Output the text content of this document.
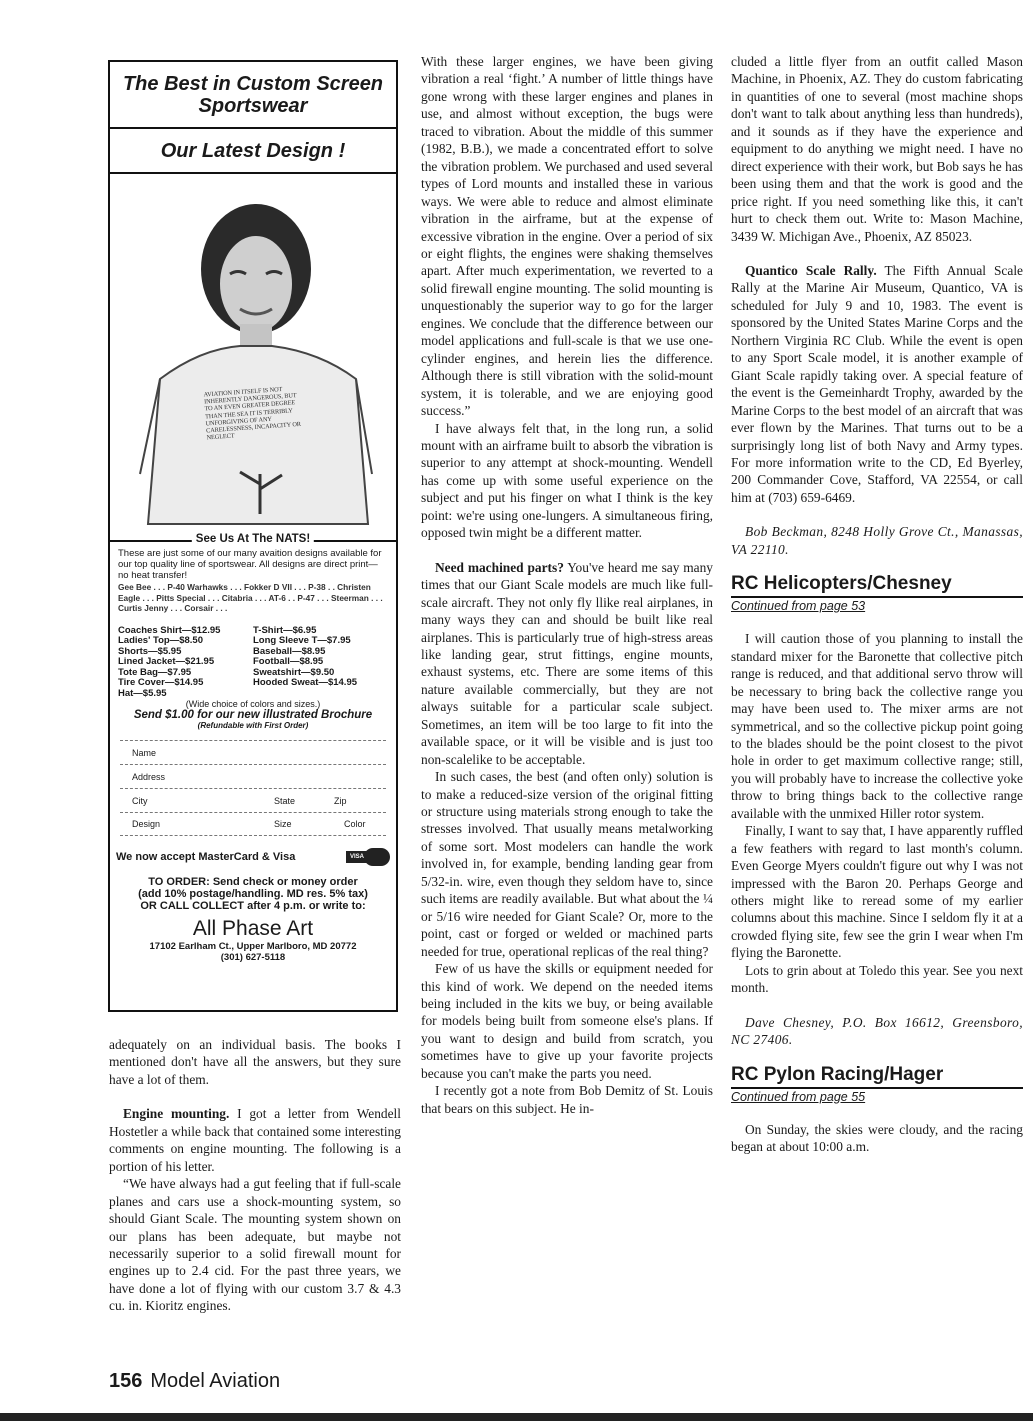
The Best in Custom Screen Sportswear
Our Latest Design !
AVIATION IN ITSELF IS NOT INHERENTLY DANGEROUS, BUT TO AN EVEN GREATER DEGREE THAN THE SEA IT IS TERRIBLY UNFORGIVING OF ANY CARELESSNESS, INCAPACITY OR NEGLECT
See Us At The NATS!
These are just some of our many avaition designs available for our top quality line of sportswear. All designs are direct print—no heat transfer!
Gee Bee . . . P-40 Warhawks . . . Fokker D VII . . . P-38 . . Christen Eagle . . . Pitts Special . . . Citabria . . . AT-6 . . P-47 . . . Steerman . . . Curtis Jenny . . . Corsair . . .
Coaches Shirt—$12.95	T-Shirt—$6.95
Ladies' Top—$8.50	Long Sleeve T—$7.95
Shorts—$5.95	Baseball—$8.95
Lined Jacket—$21.95	Football—$8.95
Tote Bag—$7.95	Sweatshirt—$9.50
Tire Cover—$14.95	Hooded Sweat—$14.95
Hat—$5.95
(Wide choice of colors and sizes.)
Send $1.00 for our new illustrated Brochure
(Refundable with First Order)
Name
Address
City	State	Zip
Design	Size	Color
We now accept MasterCard & Visa	VISA
TO ORDER: Send check or money order
(add 10% postage/handling. MD res. 5% tax)
OR CALL COLLECT after 4 p.m. or write to:
All Phase Art
17102 Earlham Ct., Upper Marlboro, MD 20772
(301) 627-5118

adequately on an individual basis. The books I mentioned don't have all the answers, but they sure have a lot of them.

Engine mounting. I got a letter from Wendell Hostetler a while back that contained some interesting comments on engine mounting. The following is a portion of his letter.

“We have always had a gut feeling that if full-scale planes and cars use a shock-mounting system, so should Giant Scale. The mounting system shown on our plans has been adequate, but maybe not necessarily superior to a solid firewall mount for engines up to 2.4 cid. For the past three years, we have done a lot of flying with our custom 3.7 & 4.3 cu. in. Kioritz engines.

With these larger engines, we have been giving vibration a real ‘fight.’ A number of little things have gone wrong with these larger engines and planes in use, and almost without exception, the bugs were traced to vibration. About the middle of this summer (1982, B.B.), we made a concentrated effort to solve the vibration problem. We purchased and used several types of Lord mounts and installed these in various ways. We were able to reduce and almost eliminate vibration in the airframe, but at the expense of excessive vibration in the engine. Over a period of six or eight flights, the engines were shaking themselves apart. After much experimentation, we reverted to a solid firewall engine mounting. The solid mounting is unquestionably the superior way to go for the larger engines. We conclude that the difference between our model applications and full-scale is that we use one-cylinder engines, and herein lies the difference. Although there is still vibration with the solid-mount system, it is tolerable, and we are enjoying good success.”

I have always felt that, in the long run, a solid mount with an airframe built to absorb the vibration is superior to any attempt at shock-mounting. Wendell has come up with some useful experience on the subject and put his finger on what I think is the key point: we're using one-lungers. A simultaneous firing, opposed twin might be a different matter.

Need machined parts? You've heard me say many times that our Giant Scale models are much like full-scale aircraft. They not only fly llike real airplanes, in many ways they can and should be built like real airplanes. This is particularly true of high-stress areas like landing gear, strut fittings, engine mounts, exhaust systems, etc. There are some items of this nature available commercially, but they are not always suitable for a particular scale subject. Sometimes, an item will be too large to fit into the available space, or it will be visible and is just too non-scalelike to be acceptable.

In such cases, the best (and often only) solution is to make a reduced-size version of the original fitting or structure using materials strong enough to take the stresses involved. That usually means metalworking of some sort. Most modelers can handle the work involved in, for example, bending landing gear from 5/32-in. wire, even though they seldom have to, since such items are readily available. But what about the ¼ or 5/16 wire needed for Giant Scale? Or, more to the point, cast or forged or welded or machined parts needed for true, operational replicas of the real thing?

Few of us have the skills or equipment needed for this kind of work. We depend on the needed items being included in the kits we buy, or being available for models being built from someone else's plans. If you want to design and build from scratch, you sometimes have to give up your favorite projects because you can't make the parts you need.

I recently got a note from Bob Demitz of St. Louis that bears on this subject. He in-

cluded a little flyer from an outfit called Mason Machine, in Phoenix, AZ. They do custom fabricating in quantities of one to several (most machine shops don't want to talk about anything less than hundreds), and it sounds as if they have the experience and equipment to do anything we might need. I have no direct experience with their work, but Bob says he has been using them and that the work is good and the price right. If you need something like this, it can't hurt to check them out. Write to: Mason Machine, 3439 W. Michigan Ave., Phoenix, AZ 85023.

Quantico Scale Rally. The Fifth Annual Scale Rally at the Marine Air Museum, Quantico, VA is scheduled for July 9 and 10, 1983. The event is sponsored by the United States Marine Corps and the Northern Virginia RC Club. While the event is open to any Sport Scale model, it is another example of Giant Scale rapidly taking over. A special feature of the event is the Gemeinhardt Trophy, awarded by the Marine Corps to the best model of an aircraft that was ever flown by the Marines. That turns out to be a surprisingly long list of both Navy and Army types. For more information write to the CD, Ed Byerley, 200 Commander Cove, Stafford, VA 22554, or call him at (703) 659-6469.

Bob Beckman, 8248 Holly Grove Ct., Manassas, VA 22110.

RC Helicopters/Chesney
Continued from page 53

I will caution those of you planning to install the standard mixer for the Baronette that collective pitch range is reduced, and that additional servo throw will be necessary to bring back the collective range you may have been used to. The mixer arms are not symmetrical, and so the collective pickup point going to the blades should be the point closest to the pivot hole in order to get maximum collective range; still, you will probably have to increase the collective yoke throw to bring things back to the collective range available with the unmixed Hiller rotor system.

Finally, I want to say that, I have apparently ruffled a few feathers with regard to last month's column. Even George Myers couldn't figure out why I was not impressed with the Baron 20. Perhaps George and others might like to reread some of my earlier columns about this machine. Since I seldom fly it at a crowded flying site, few see the grin I wear when I'm flying the Baronette.

Lots to grin about at Toledo this year. See you next month.

Dave Chesney, P.O. Box 16612, Greensboro, NC 27406.

RC Pylon Racing/Hager
Continued from page 55

On Sunday, the skies were cloudy, and the racing began at about 10:00 a.m.

156 Model Aviation
